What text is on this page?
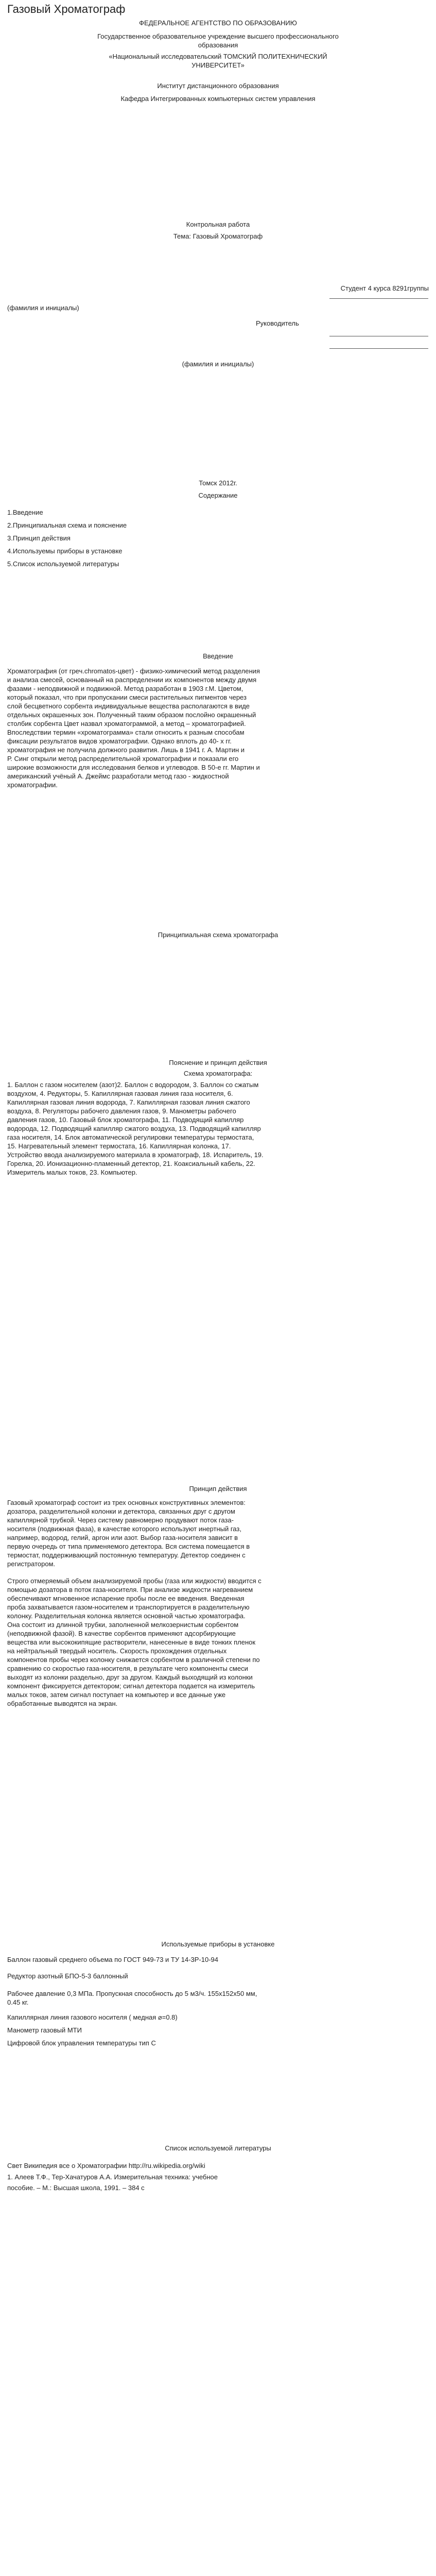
Газовый Хроматограф
ФЕДЕРАЛЬНОЕ АГЕНТСТВО ПО ОБРАЗОВАНИЮ
Государственное образовательное учреждение высшего профессионального
образования
«Национальный исследовательский ТОМСКИЙ ПОЛИТЕХНИЧЕСКИЙ
УНИВЕРСИТЕТ»
Институт дистанционного образования
Кафедра Интегрированных компьютерных систем управления
Контрольная работа
Тема: Газовый Хроматограф
Студент 4 курса 8291группы
(фамилия и инициалы)
Руководитель
(фамилия и инициалы)
Томск 2012г.
Содержание
1.Введение
2.Принципиальная схема и пояснение
3.Принцип действия
4.Используемы приборы в установке
5.Список используемой литературы
Введение
Хроматография (от греч.chromatos-цвет) - физико-химический метод разделения
и анализа смесей, основанный на распределении их компонентов между двумя
фазами - неподвижной и подвижной. Метод разработан в 1903 г.М. Цветом,
который показал, что при пропускании смеси растительных пигментов через
слой бесцветного сорбента индивидуальные вещества располагаются в виде
отдельных окрашенных зон. Полученный таким образом послойно окрашенный
столбик сорбента Цвет назвал хроматограммой, а метод – хроматографией.
Впоследствии термин «хроматограмма» стали относить к разным способам
фиксации результатов видов хроматографии. Однако вплоть до 40- х гг.
хроматография не получила должного развития. Лишь в 1941 г. А. Мартин и
Р. Синг открыли метод распределительной хроматографии и показали его
широкие возможности для исследования белков и углеводов. В 50-е гг. Мартин и
американский учёный А. Джеймс разработали метод газо - жидкостной
хроматографии.
Принципиальная схема хроматографа
Пояснение и принцип действия
Схема хроматографа:
1. Баллон с газом носителем (азот)2. Баллон с водородом, 3. Баллон со сжатым
воздухом, 4. Редукторы, 5. Капиллярная газовая линия газа носителя, 6.
Капиллярная газовая линия водорода, 7. Капиллярная газовая линия сжатого
воздуха, 8. Регуляторы рабочего давления газов, 9. Манометры рабочего
давления газов, 10. Газовый блок хроматографа, 11. Подводящий капилляр
водорода, 12. Подводящий капилляр сжатого воздуха, 13. Подводящий капилляр
газа носителя, 14. Блок автоматической регулировки температуры термостата,
15. Нагревательный элемент термостата, 16. Капиллярная колонка, 17.
Устройство ввода анализируемого материала в хроматограф, 18. Испаритель, 19.
Горелка, 20. Ионизационно-пламенный детектор, 21. Коаксиальный кабель, 22.
Измеритель малых токов, 23. Компьютер.
Принцип действия
Газовый хроматограф состоит из трех основных конструктивных элементов:
дозатора, разделительной колонки и детектора, связанных друг с другом
капиллярной трубкой. Через систему равномерно продувают поток газа-
носителя (подвижная фаза), в качестве которого используют инертный газ,
например, водород, гелий, аргон или азот. Выбор газа-носителя зависит в
первую очередь от типа применяемого детектора. Вся система помещается в
термостат, поддерживающий постоянную температуру. Детектор соединен с
регистратором.
Строго отмеряемый объем анализируемой пробы (газа или жидкости) вводится с
помощью дозатора в поток газа-носителя. При анализе жидкости нагреванием
обеспечивают мгновенное испарение пробы после ее введения. Введенная
проба захватывается газом-носителем и транспортируется в разделительную
колонку. Разделительная колонка является основной частью хроматографа.
Она состоит из длинной трубки, заполненной мелкозернистым сорбентом
(неподвижной фазой). В качестве сорбентов применяют адсорбирующие
вещества или высококипящие растворители, нанесенные в виде тонких пленок
на нейтральный твердый носитель. Скорость прохождения отдельных
компонентов пробы через колонку снижается сорбентом в различной степени по
сравнению со скоростью газа-носителя, в результате чего компоненты смеси
выходят из колонки раздельно, друг за другом. Каждый выходящий из колонки
компонент фиксируется детектором; сигнал детектора подается на измеритель
малых токов, затем сигнал поступает на компьютер и все данные уже
обработанные выводятся на экран.
Используемые приборы в установке
Баллон газовый среднего объема по ГОСТ 949-73 и ТУ 14-3Р-10-94
Редуктор азотный БПО-5-3 баллонный
Рабочее давление 0,3 МПа. Пропускная способность до 5 м3/ч. 155х152х50 мм,
0.45 кг.
Капиллярная линия газового носителя ( медная ⌀=0.8)
Манометр газовый МТИ
Цифровой блок управления температуры тип С
Список используемой литературы
Свет Википедия все о Хроматографии http://ru.wikipedia.org/wiki
1. Алеев Т.Ф., Тер-Хачатуров А.А. Измерительная техника: учебное
пособие. – М.: Высшая школа, 1991. – 384 с
